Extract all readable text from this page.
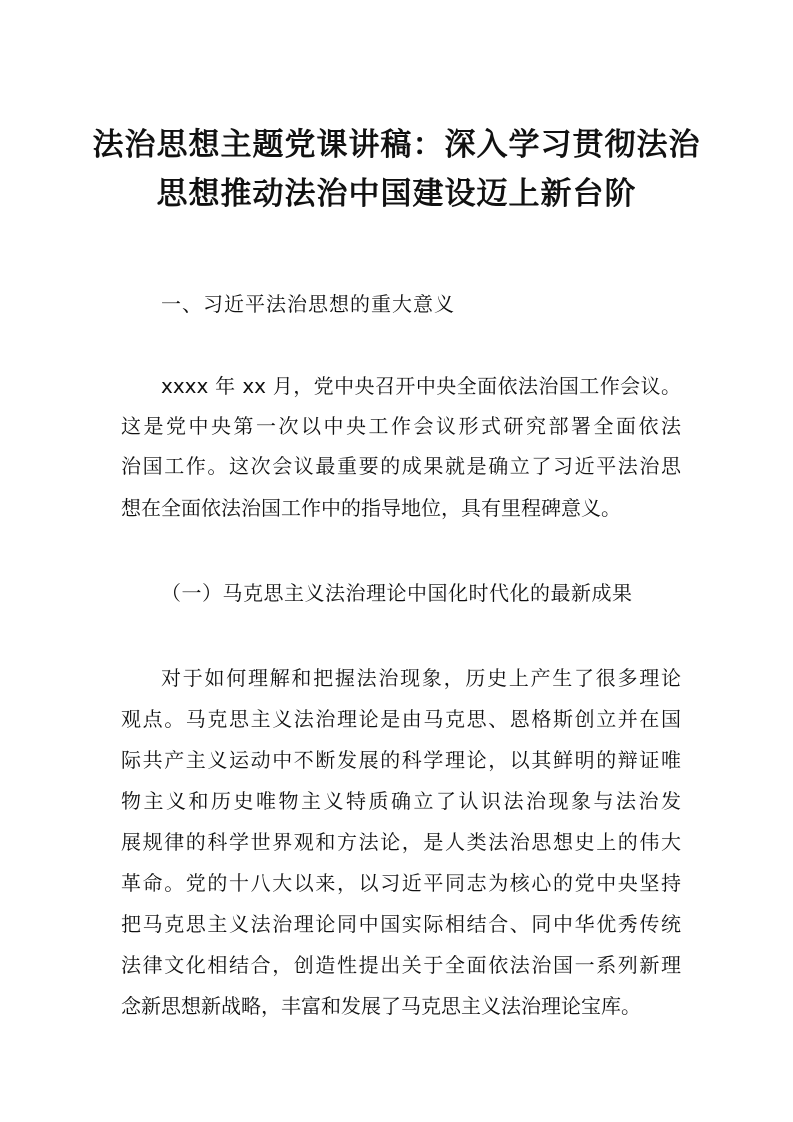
法治思想主题党课讲稿：深入学习贯彻法治
思想推动法治中国建设迈上新台阶
一、习近平法治思想的重大意义
xxxx 年 xx 月，党中央召开中央全面依法治国工作会议。
这是党中央第一次以中央工作会议形式研究部署全面依法
治国工作。这次会议最重要的成果就是确立了习近平法治思
想在全面依法治国工作中的指导地位，具有里程碑意义。
（一）马克思主义法治理论中国化时代化的最新成果
对于如何理解和把握法治现象，历史上产生了很多理论
观点。马克思主义法治理论是由马克思、恩格斯创立并在国
际共产主义运动中不断发展的科学理论，以其鲜明的辩证唯
物主义和历史唯物主义特质确立了认识法治现象与法治发
展规律的科学世界观和方法论，是人类法治思想史上的伟大
革命。党的十八大以来，以习近平同志为核心的党中央坚持
把马克思主义法治理论同中国实际相结合、同中华优秀传统
法律文化相结合，创造性提出关于全面依法治国一系列新理
念新思想新战略，丰富和发展了马克思主义法治理论宝库。
